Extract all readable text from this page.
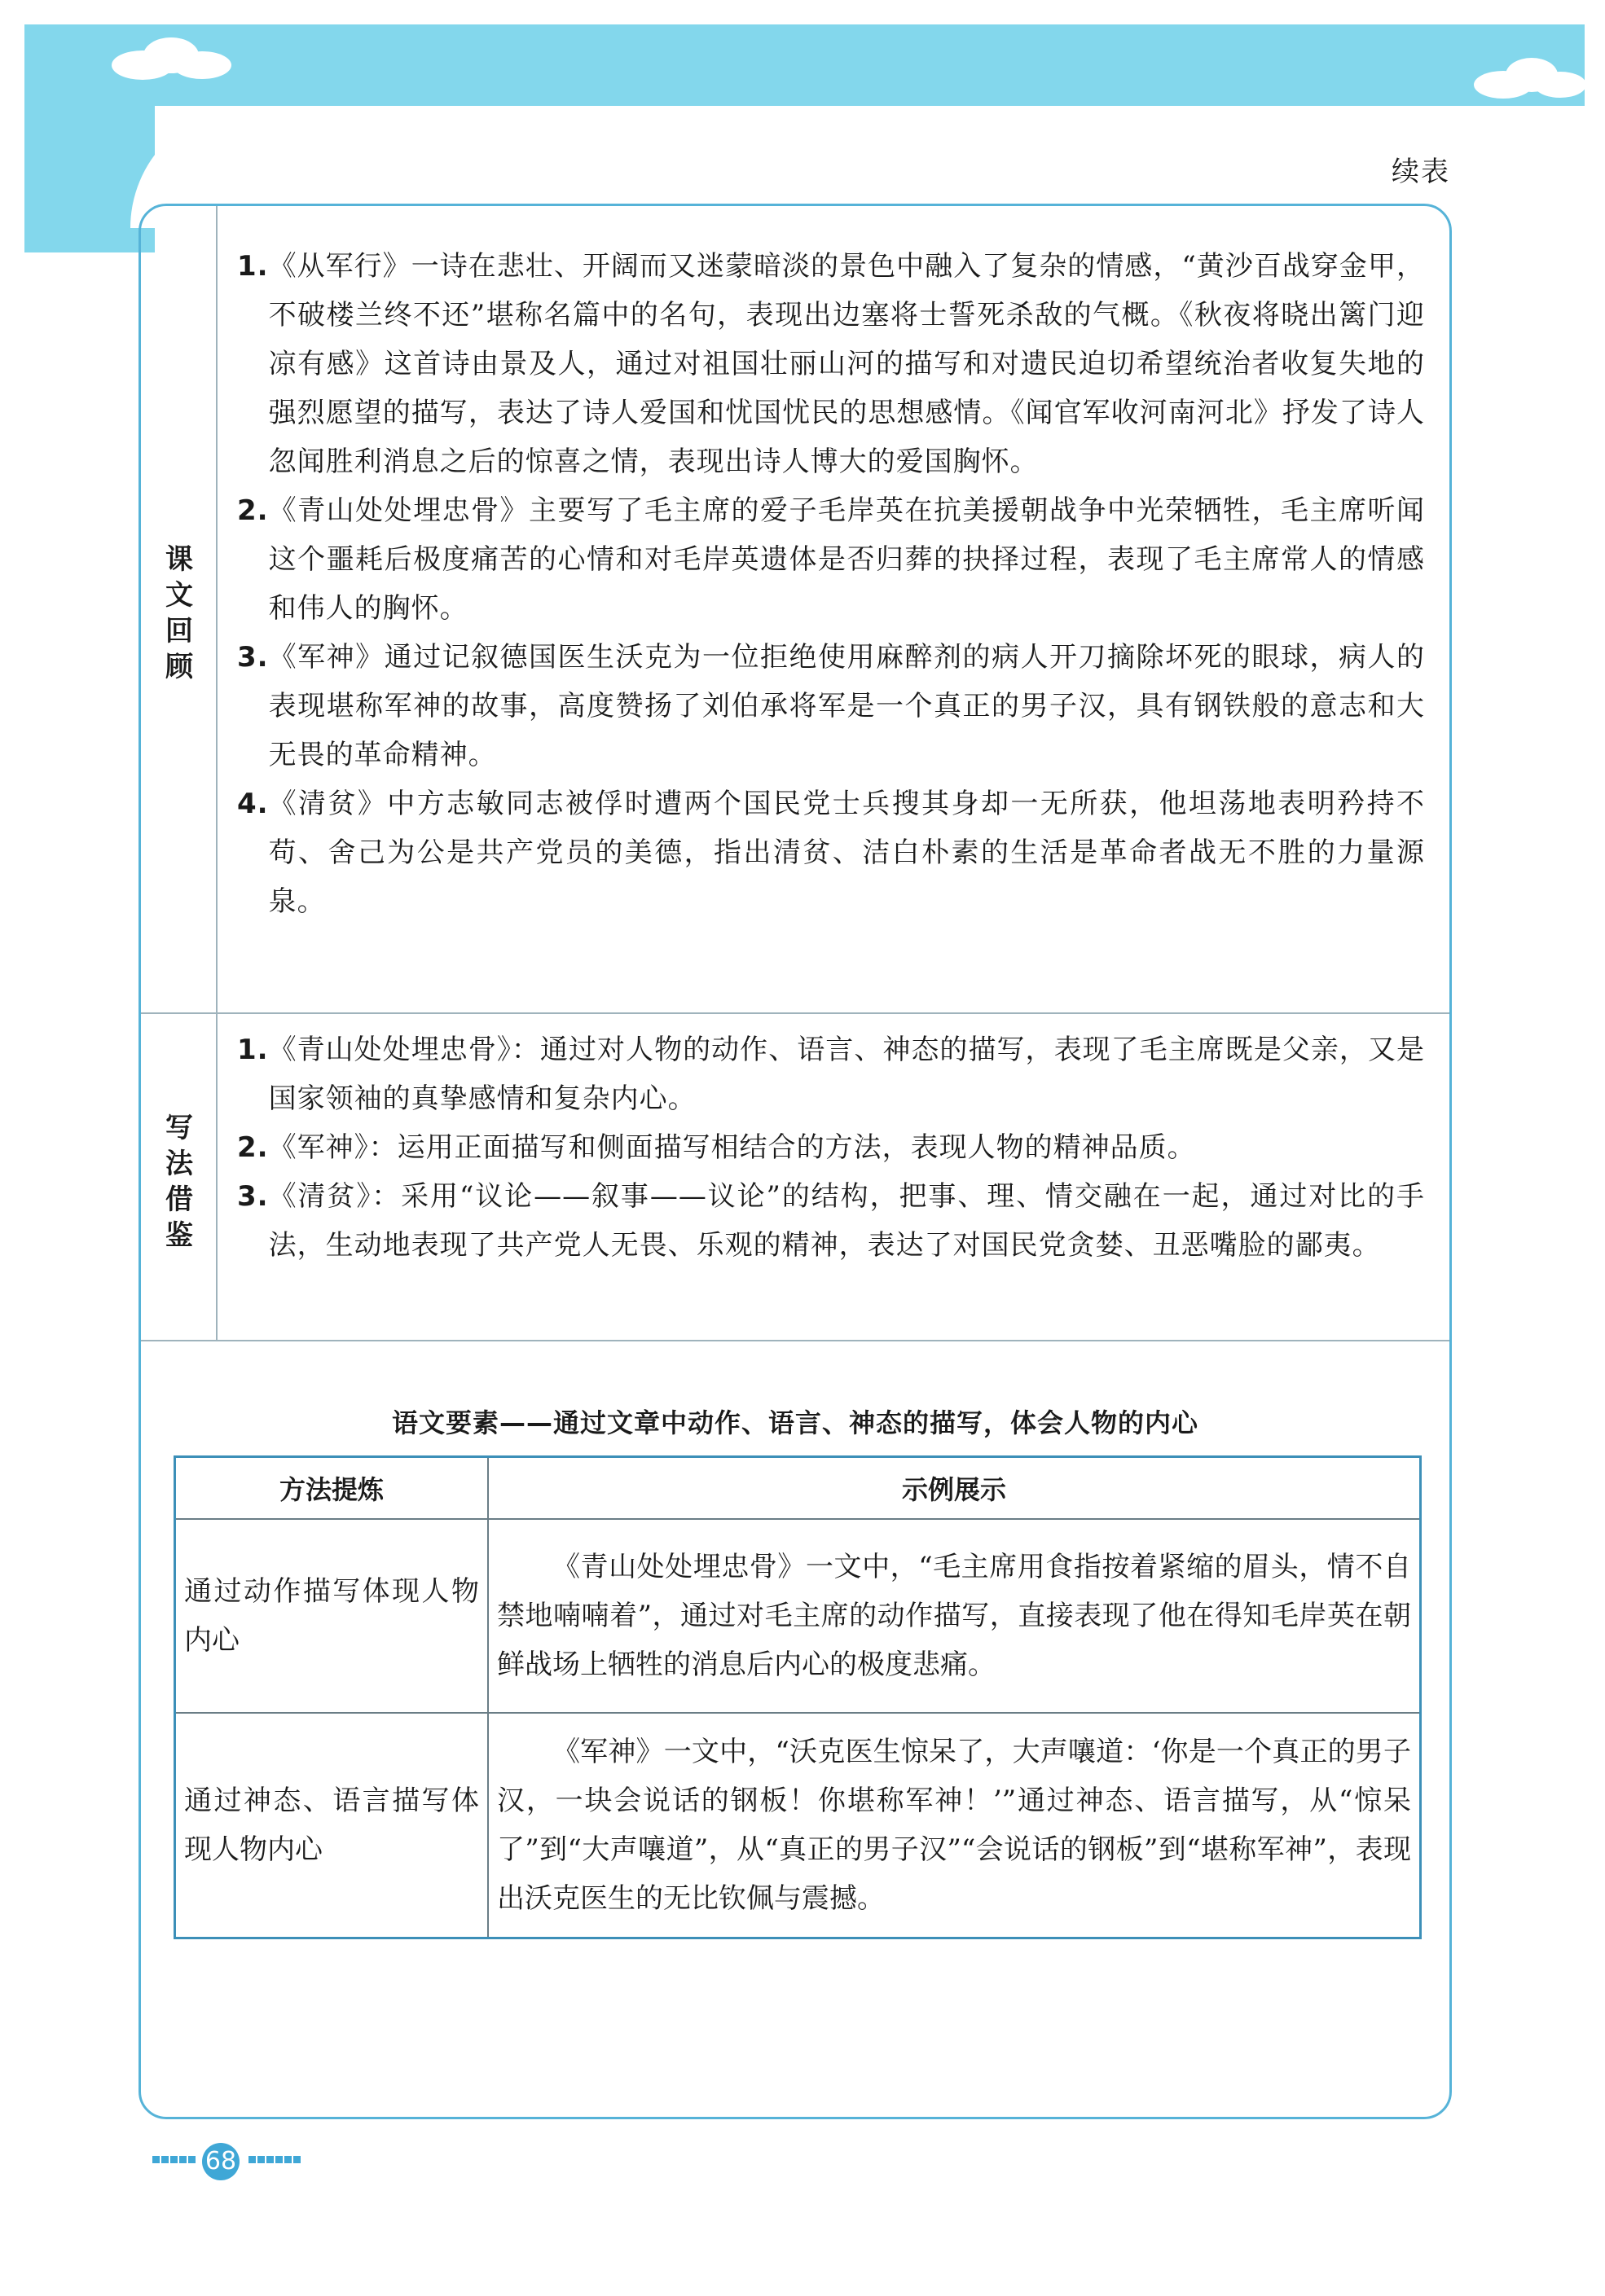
续表
课文回顾
1. 《从军行》一诗在悲壮、开阔而又迷蒙暗淡的景色中融入了复杂的情感，“黄沙百战穿金甲，不破楼兰终不还”堪称名篇中的名句，表现出边塞将士誓死杀敌的气概。《秋夜将晓出篱门迎凉有感》这首诗由景及人，通过对祖国壮丽山河的描写和对遗民迫切希望统治者收复失地的强烈愿望的描写，表达了诗人爱国和忧国忧民的思想感情。《闻官军收河南河北》抒发了诗人忽闻胜利消息之后的惊喜之情，表现出诗人博大的爱国胸怀。
2. 《青山处处埋忠骨》主要写了毛主席的爱子毛岸英在抗美援朝战争中光荣牺牲，毛主席听闻这个噩耗后极度痛苦的心情和对毛岸英遗体是否归葬的抉择过程，表现了毛主席常人的情感和伟人的胸怀。
3. 《军神》通过记叙德国医生沃克为一位拒绝使用麻醉剂的病人开刀摘除坏死的眼球，病人的表现堪称军神的故事，高度赞扬了刘伯承将军是一个真正的男子汉，具有钢铁般的意志和大无畏的革命精神。
4. 《清贫》中方志敏同志被俘时遭两个国民党士兵搜其身却一无所获，他坦荡地表明矜持不苟、舍己为公是共产党员的美德，指出清贫、洁白朴素的生活是革命者战无不胜的力量源泉。
写法借鉴
1. 《青山处处埋忠骨》：通过对人物的动作、语言、神态的描写，表现了毛主席既是父亲，又是国家领袖的真挚感情和复杂内心。
2. 《军神》：运用正面描写和侧面描写相结合的方法，表现人物的精神品质。
3. 《清贫》：采用“议论——叙事——议论”的结构，把事、理、情交融在一起，通过对比的手法，生动地表现了共产党人无畏、乐观的精神，表达了对国民党贪婪、丑恶嘴脸的鄙夷。
语文要素——通过文章中动作、语言、神态的描写，体会人物的内心
方法提炼	示例展示
通过动作描写体现人物内心	《青山处处埋忠骨》一文中，“毛主席用食指按着紧缩的眉头，情不自禁地喃喃着”，通过对毛主席的动作描写，直接表现了他在得知毛岸英在朝鲜战场上牺牲的消息后内心的极度悲痛。
通过神态、语言描写体现人物内心	《军神》一文中，“沃克医生惊呆了，大声嚷道：‘你是一个真正的男子汉，一块会说话的钢板！你堪称军神！’”通过神态、语言描写，从“惊呆了”到“大声嚷道”，从“真正的男子汉”“会说话的钢板”到“堪称军神”，表现出沃克医生的无比钦佩与震撼。
68
